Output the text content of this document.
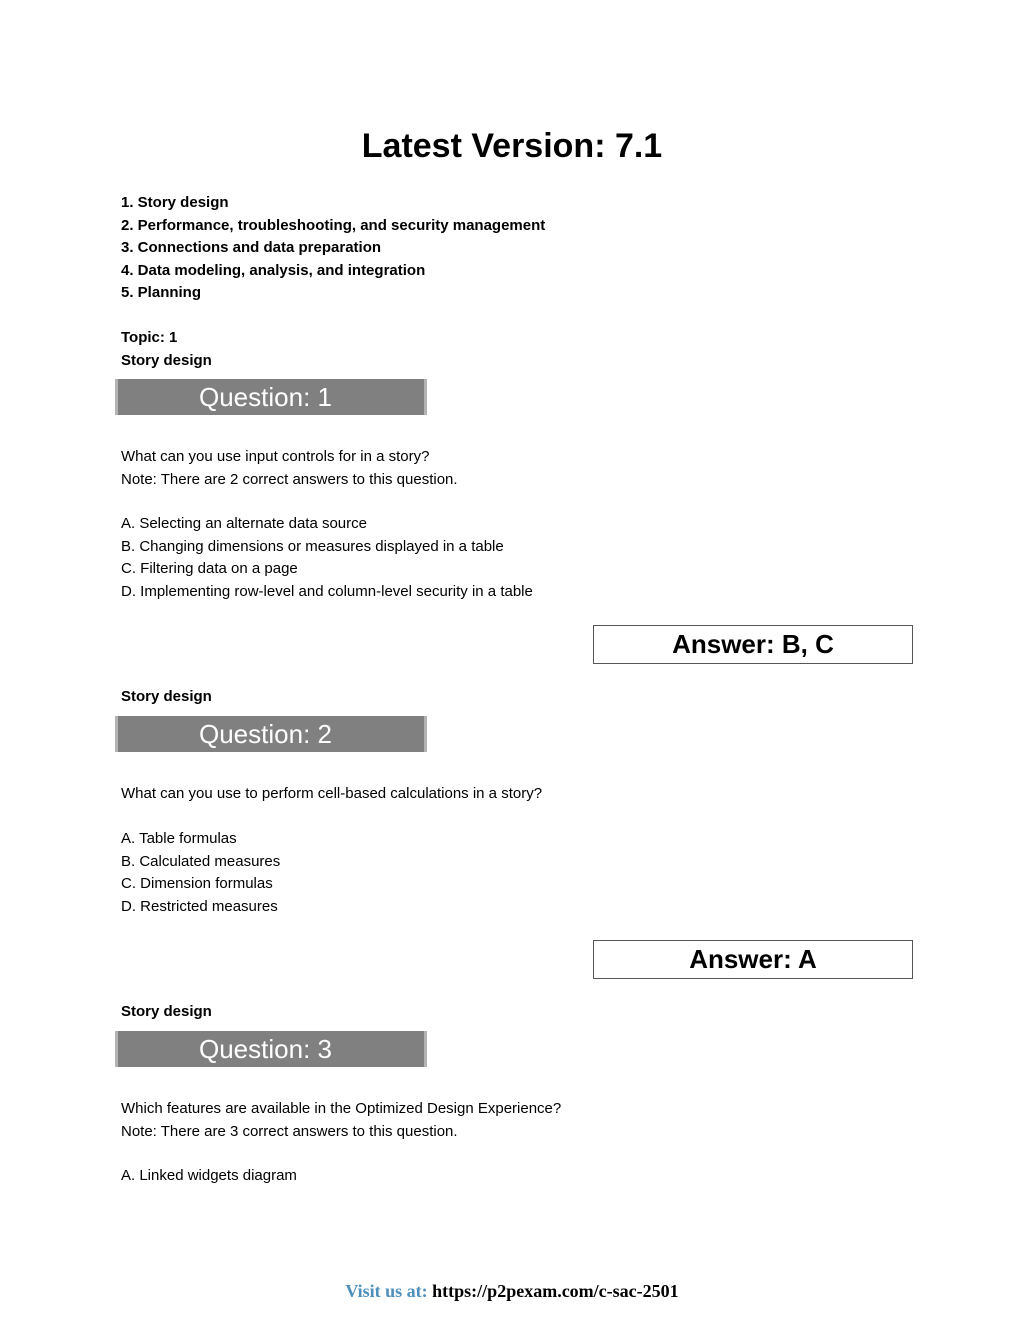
Latest Version: 7.1
1. Story design
2. Performance, troubleshooting, and security management
3. Connections and data preparation
4. Data modeling, analysis, and integration
5. Planning
Topic: 1
Story design
Question: 1
What can you use input controls for in a story?
Note: There are 2 correct answers to this question.
A. Selecting an alternate data source
B. Changing dimensions or measures displayed in a table
C. Filtering data on a page
D. Implementing row-level and column-level security in a table
Answer: B, C
Story design
Question: 2
What can you use to perform cell-based calculations in a story?
A. Table formulas
B. Calculated measures
C. Dimension formulas
D. Restricted measures
Answer: A
Story design
Question: 3
Which features are available in the Optimized Design Experience?
Note: There are 3 correct answers to this question.
A. Linked widgets diagram
Visit us at: https://p2pexam.com/c-sac-2501
